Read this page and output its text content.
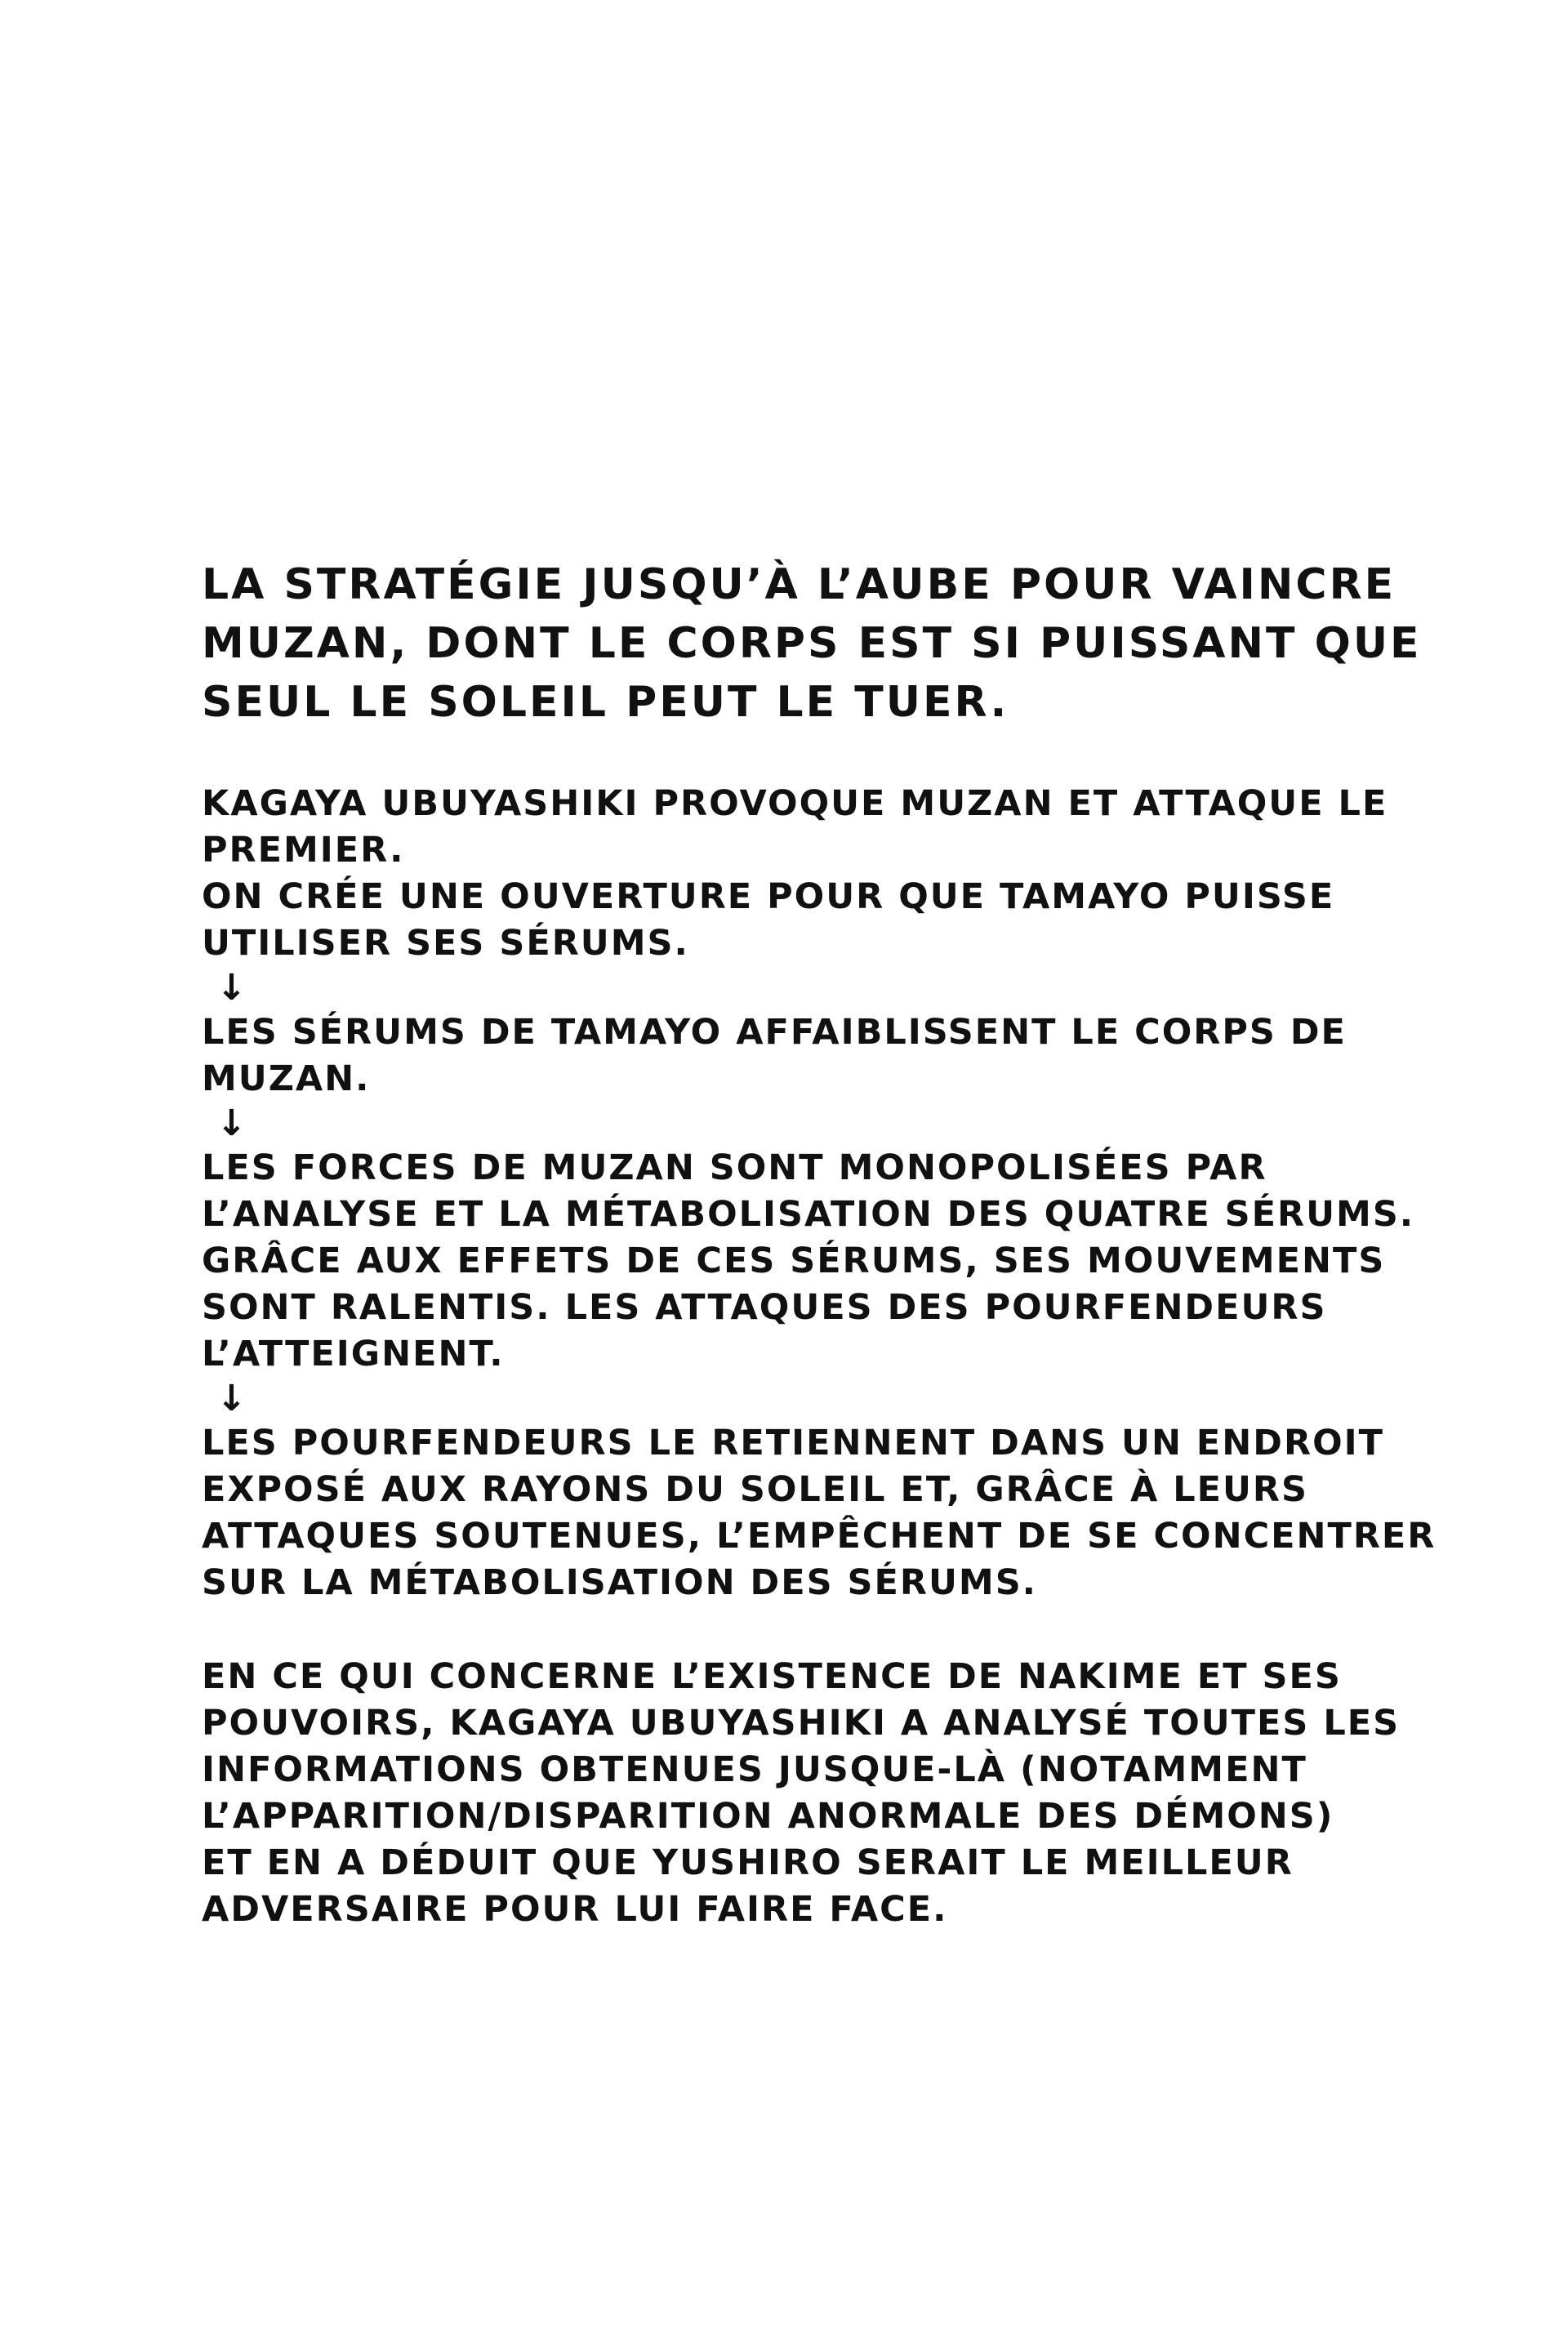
LA STRATÉGIE JUSQU’À L’AUBE POUR VAINCRE
MUZAN, DONT LE CORPS EST SI PUISSANT QUE
SEUL LE SOLEIL PEUT LE TUER.

KAGAYA UBUYASHIKI PROVOQUE MUZAN ET ATTAQUE LE
PREMIER.
ON CRÉE UNE OUVERTURE POUR QUE TAMAYO PUISSE
UTILISER SES SÉRUMS.

↓

LES SÉRUMS DE TAMAYO AFFAIBLISSENT LE CORPS DE
MUZAN.

↓

LES FORCES DE MUZAN SONT MONOPOLISÉES PAR
L’ANALYSE ET LA MÉTABOLISATION DES QUATRE SÉRUMS.
GRÂCE AUX EFFETS DE CES SÉRUMS, SES MOUVEMENTS
SONT RALENTIS. LES ATTAQUES DES POURFENDEURS
L’ATTEIGNENT.

↓

LES POURFENDEURS LE RETIENNENT DANS UN ENDROIT
EXPOSÉ AUX RAYONS DU SOLEIL ET, GRÂCE À LEURS
ATTAQUES SOUTENUES, L’EMPÊCHENT DE SE CONCENTRER
SUR LA MÉTABOLISATION DES SÉRUMS.

EN CE QUI CONCERNE L’EXISTENCE DE NAKIME ET SES
POUVOIRS, KAGAYA UBUYASHIKI A ANALYSÉ TOUTES LES
INFORMATIONS OBTENUES JUSQUE-LÀ (NOTAMMENT
L’APPARITION/DISPARITION ANORMALE DES DÉMONS)
ET EN A DÉDUIT QUE YUSHIRO SERAIT LE MEILLEUR
ADVERSAIRE POUR LUI FAIRE FACE.
